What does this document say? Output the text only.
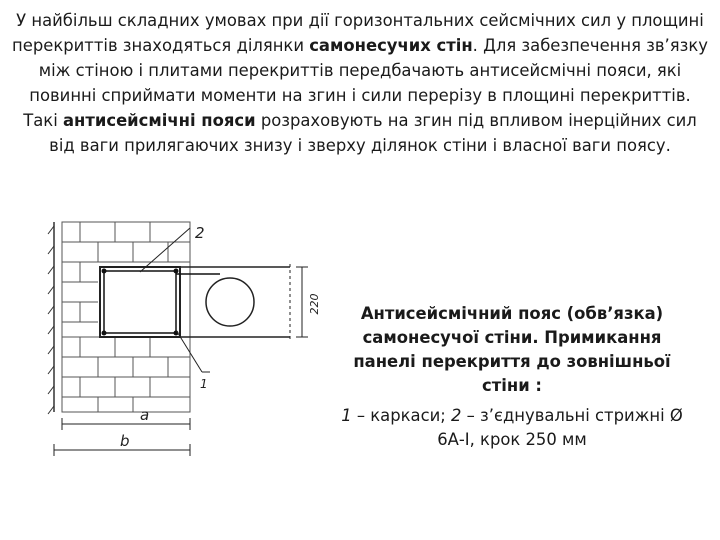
У найбільш складних умовах при дії горизонтальних сейсмічних сил у площині перекриттів знаходяться ділянки самонесучих стін. Для забезпечення зв’язку між стіною і плитами перекриттів передбачають антисейсмічні пояси, які повинні сприймати моменти на згин і сили перерізу в площині перекриттів. Такі антисейсмічні пояси розраховують на згин під впливом інерційних сил від ваги прилягаючих знизу і зверху ділянок стіни і власної ваги поясу.

220
2
1
а
b
Антисейсмічний пояс (обв’язка) самонесучої стіни. Примикання панелі перекриття до зовнішньої стіни :
1 – каркаси; 2 – з’єднувальні стрижні Ø 6А-І, крок 250 мм
